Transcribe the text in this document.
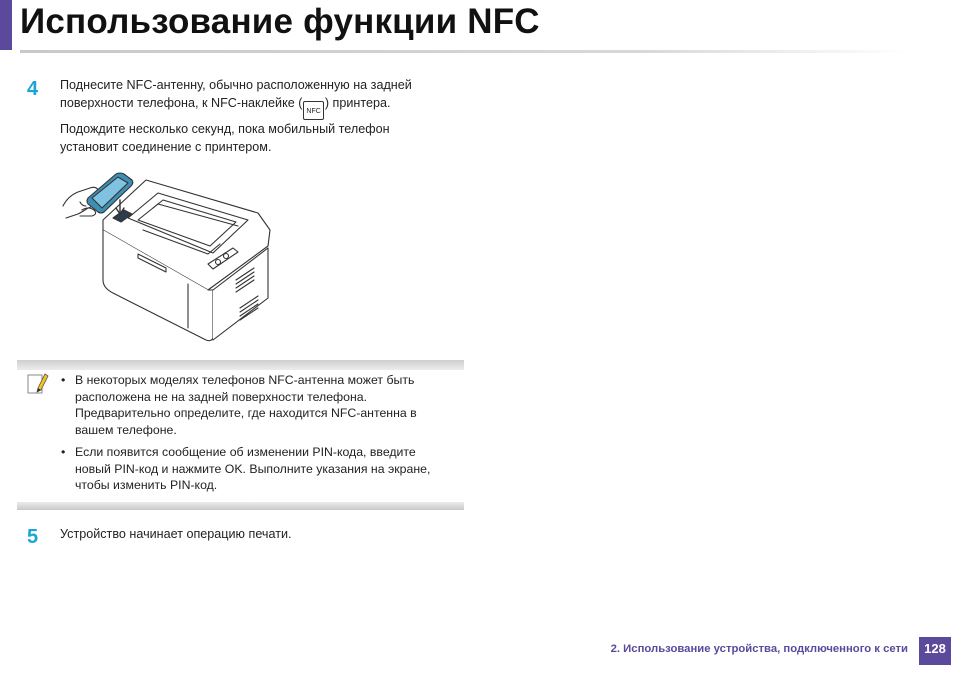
Использование функции NFC
4 Поднесите NFC-антенну, обычно расположенную на задней поверхности телефона, к NFC-наклейке (NFC) принтера.

Подождите несколько секунд, пока мобильный телефон установит соединение с принтером.

• В некоторых моделях телефонов NFC-антенна может быть расположена не на задней поверхности телефона. Предварительно определите, где находится NFC-антенна в вашем телефоне.
• Если появится сообщение об изменении PIN-кода, введите новый PIN-код и нажмите OK. Выполните указания на экране, чтобы изменить PIN-код.
5 Устройство начинает операцию печати.

2. Использование устройства, подключенного к сети	128
